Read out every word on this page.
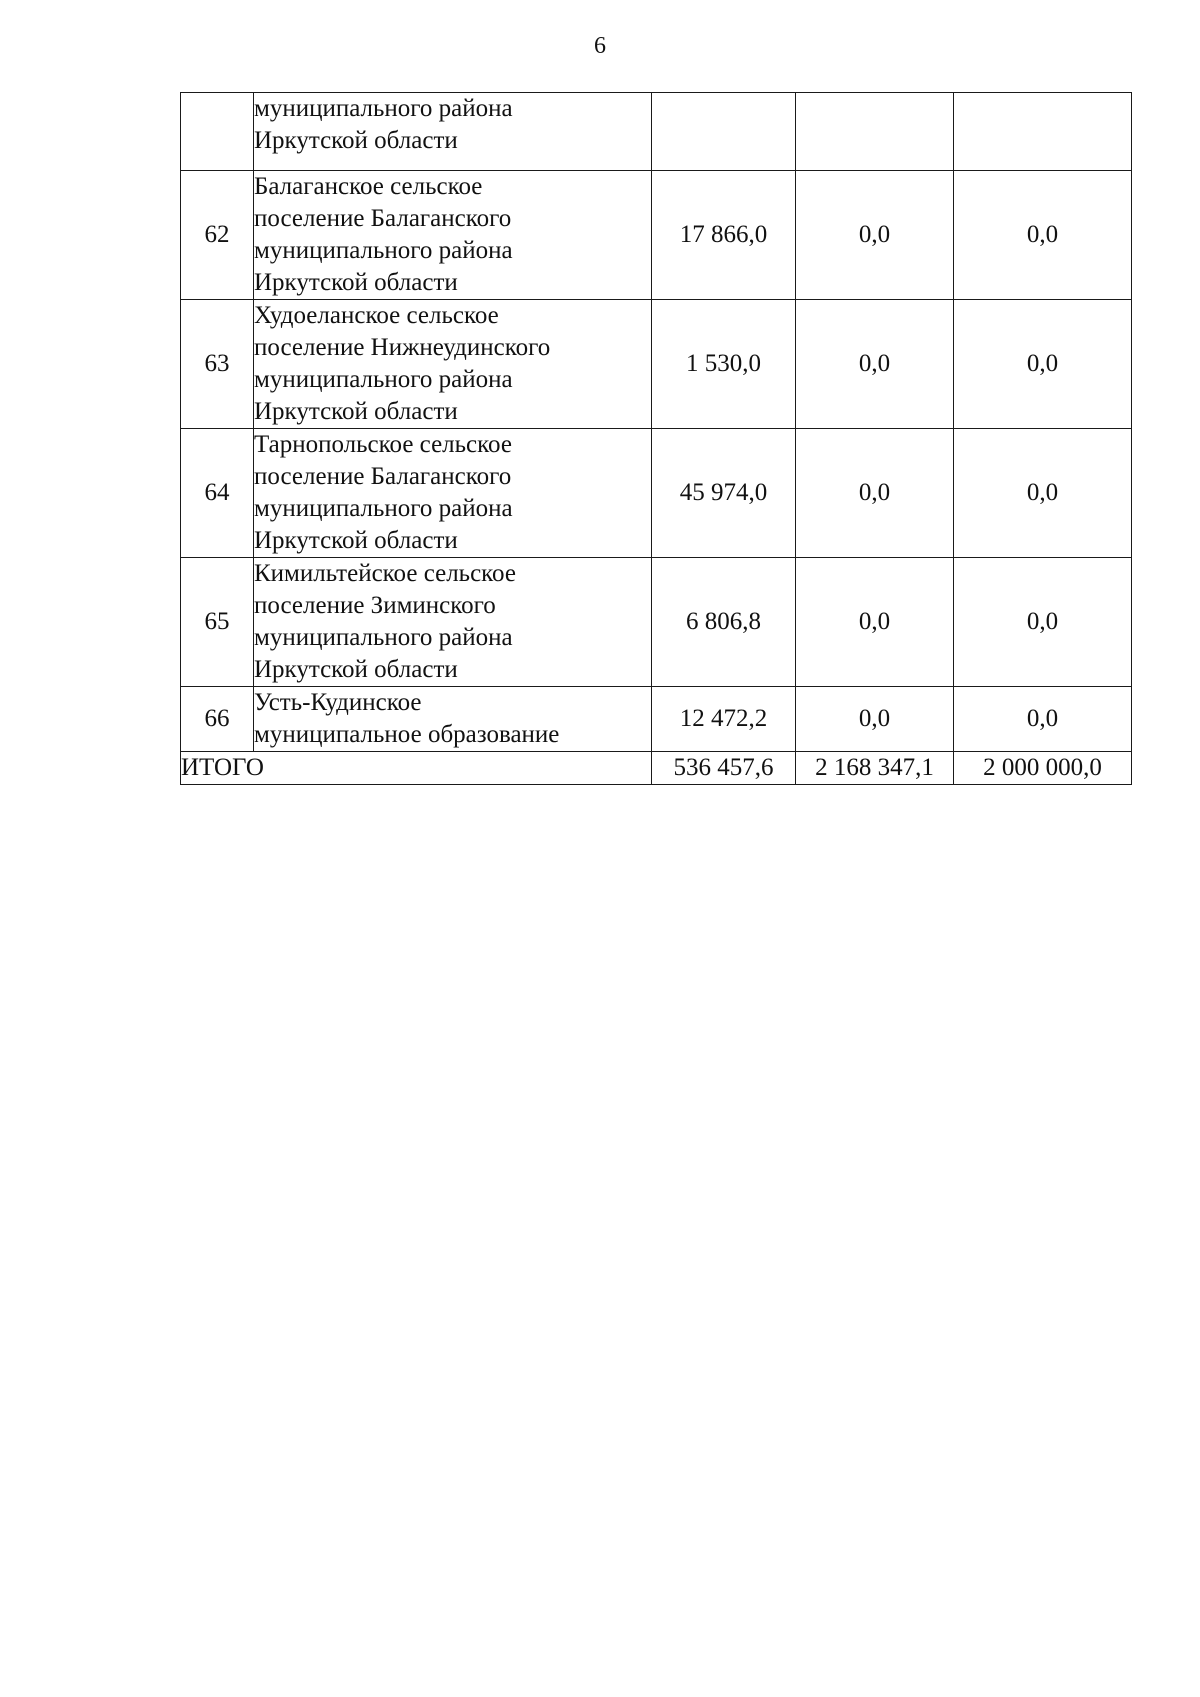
6

	муниципального района
Иркутской области			

62	Балаганское сельское
поселение Балаганского
муниципального района
Иркутской области	17 866,0	0,0	0,0
63	Худоеланское сельское
поселение Нижнеудинского
муниципального района
Иркутской области	1 530,0	0,0	0,0
64	Тарнопольское сельское
поселение Балаганского
муниципального района
Иркутской области	45 974,0	0,0	0,0
65	Кимильтейское сельское
поселение Зиминского
муниципального района
Иркутской области	6 806,8	0,0	0,0
66	Усть-Кудинское
муниципальное образование	12 472,2	0,0	0,0
ИТОГО		536 457,6	2 168 347,1	2 000 000,0
